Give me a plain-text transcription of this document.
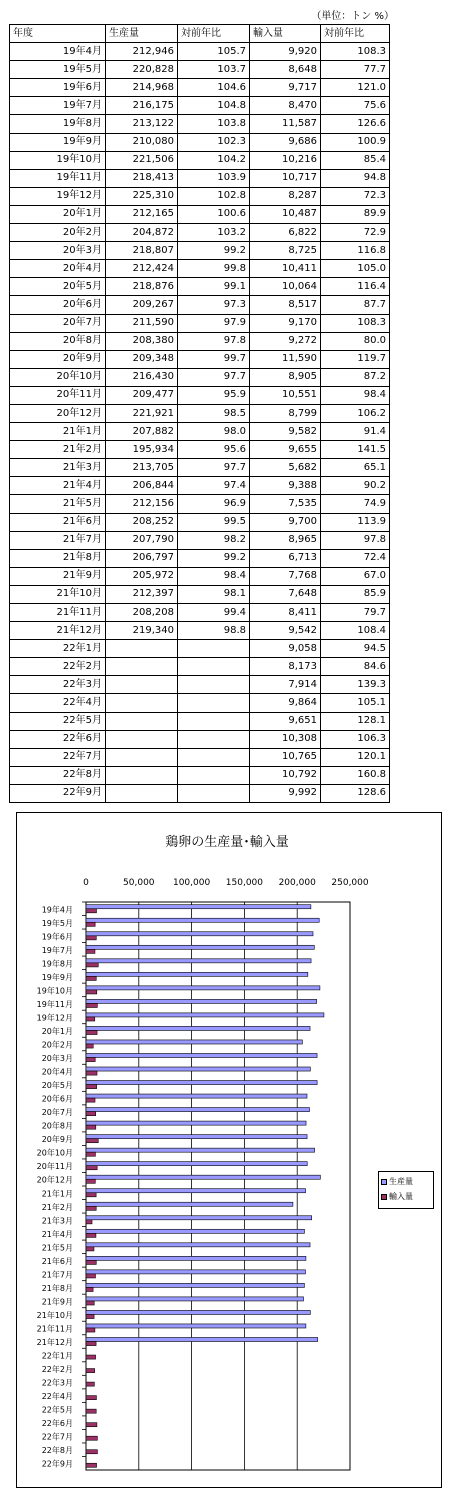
（単位：トン %）
年度	生産量	対前年比	輸入量	対前年比
19年4月	212,946	105.7	9,920	108.3
19年5月	220,828	103.7	8,648	77.7
19年6月	214,968	104.6	9,717	121.0
19年7月	216,175	104.8	8,470	75.6
19年8月	213,122	103.8	11,587	126.6
19年9月	210,080	102.3	9,686	100.9
19年10月	221,506	104.2	10,216	85.4
19年11月	218,413	103.9	10,717	94.8
19年12月	225,310	102.8	8,287	72.3
20年1月	212,165	100.6	10,487	89.9
20年2月	204,872	103.2	6,822	72.9
20年3月	218,807	99.2	8,725	116.8
20年4月	212,424	99.8	10,411	105.0
20年5月	218,876	99.1	10,064	116.4
20年6月	209,267	97.3	8,517	87.7
20年7月	211,590	97.9	9,170	108.3
20年8月	208,380	97.8	9,272	80.0
20年9月	209,348	99.7	11,590	119.7
20年10月	216,430	97.7	8,905	87.2
20年11月	209,477	95.9	10,551	98.4
20年12月	221,921	98.5	8,799	106.2
21年1月	207,882	98.0	9,582	91.4
21年2月	195,934	95.6	9,655	141.5
21年3月	213,705	97.7	5,682	65.1
21年4月	206,844	97.4	9,388	90.2
21年5月	212,156	96.9	7,535	74.9
21年6月	208,252	99.5	9,700	113.9
21年7月	207,790	98.2	8,965	97.8
21年8月	206,797	99.2	6,713	72.4
21年9月	205,972	98.4	7,768	67.0
21年10月	212,397	98.1	7,648	85.9
21年11月	208,208	99.4	8,411	79.7
21年12月	219,340	98.8	9,542	108.4
22年1月			9,058	94.5
22年2月			8,173	84.6
22年3月			7,914	139.3
22年4月			9,864	105.1
22年5月			9,651	128.1
22年6月			10,308	106.3
22年7月			10,765	120.1
22年8月			10,792	160.8
22年9月			9,992	128.6
鶏卵の生産量･輸入量
0	50,000 100,000 150,000 200,000 250,000
19年4月
19年5月
19年6月
19年7月
19年8月
19年9月
19年10月
19年11月
19年12月
20年1月
20年2月
20年3月
20年4月
20年5月
20年6月
20年7月
20年8月
20年9月
20年10月
20年11月
20年12月
21年1月
21年2月
21年3月
21年4月
21年5月
21年6月
21年7月
21年8月
21年9月
21年10月
21年11月
21年12月
22年1月
22年2月
22年3月
22年4月
22年5月
22年6月
22年7月
22年8月
22年9月
生産量
輸入量
